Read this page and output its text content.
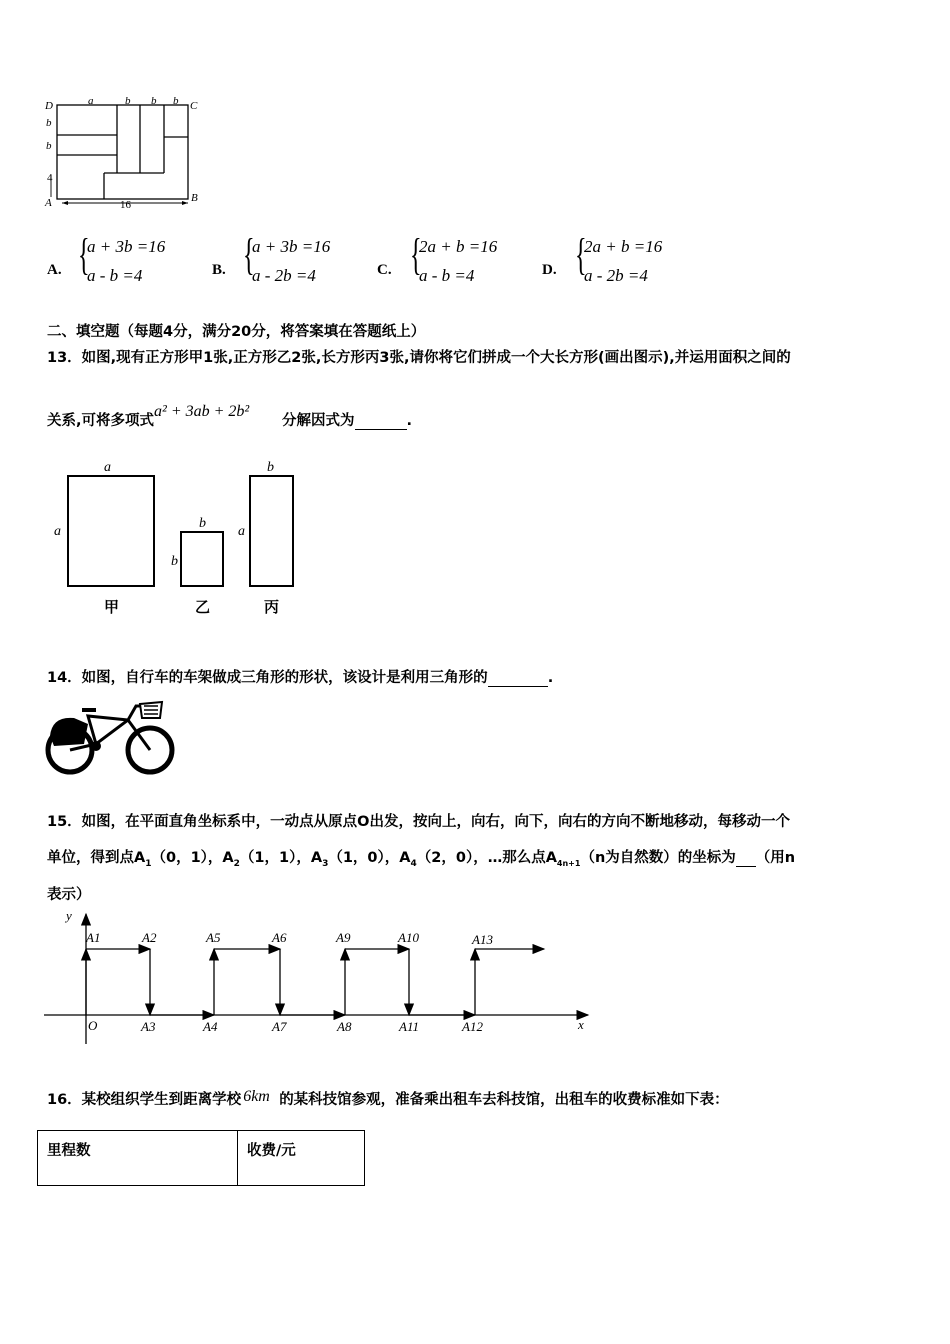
D	C
A	B
a	b b b
b
b
4
16
A. {
a + 3b =16
a - b =4	B. {
a + 3b =16
a - 2b =4	C. {
2a + b =16
a - b =4	D. {
2a + b =16
a - 2b =4
二、填空题（每题4分，满分20分，将答案填在答题纸上）
13．如图,现有正方形甲1张,正方形乙2张,长方形丙3张,请你将它们拼成一个大长方形(画出图示),并运用面积之间的
关系,可将多项式
a² + 3ab + 2b²
分解因式为	.
a
a
b
b
b
a
甲	乙	丙
14．如图，自行车的车架做成三角形的形状，该设计是利用三角形的	.
15．如图，在平面直角坐标系中，一动点从原点O出发，按向上，向右，向下，向右的方向不断地移动，每移动一个
单位，得到点$A_1(0$，1），$A_2(1$，1），$A_3(1$，0），$A_4(2$，0），…那么点$A_{4n+1}(n$为自然数）的坐标为 （用n
表示）
y
x
O
A1	A2	A5	A6	A9	A10	A13
A3	A4	A7	A8	A11	A12
16．某校组织学生到距离学校 6km 的某科技馆参观，准备乘出租车去科技馆，出租车的收费标准如下表：
里程数	收费/元
